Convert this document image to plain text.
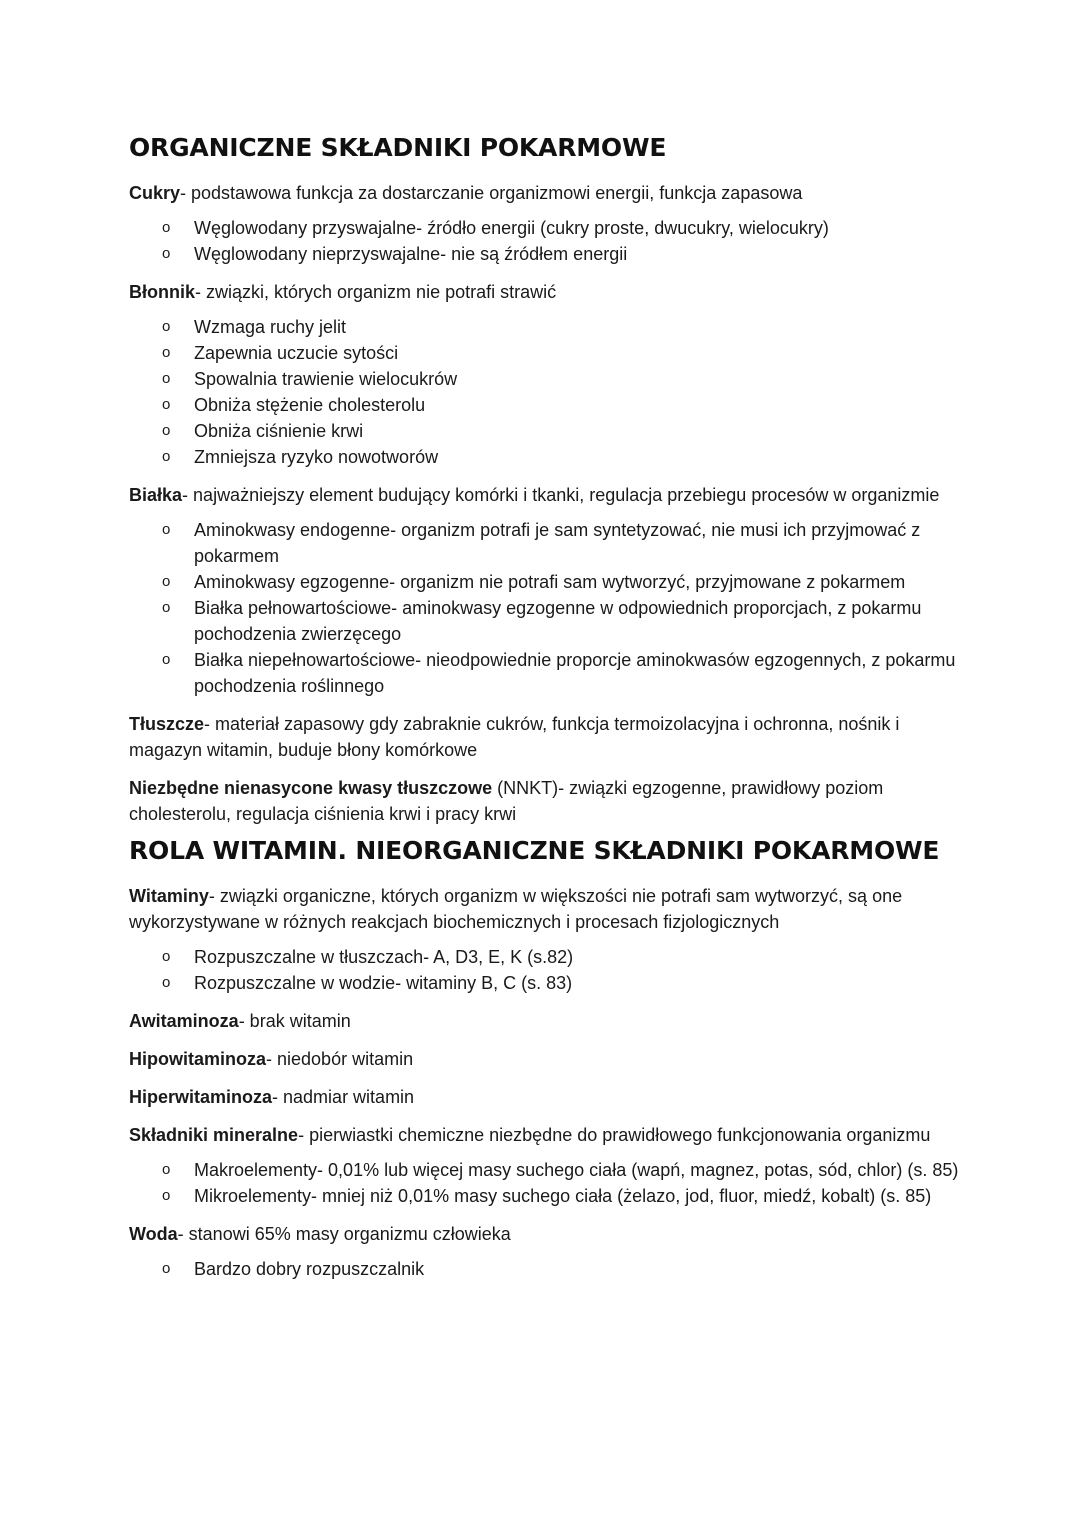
ORGANICZNE SKŁADNIKI POKARMOWE

Cukry- podstawowa funkcja za dostarczanie organizmowi energii, funkcja zapasowa

o Węglowodany przyswajalne- źródło energii (cukry proste, dwucukry, wielocukry)
o Węglowodany nieprzyswajalne- nie są źródłem energii

Błonnik- związki, których organizm nie potrafi strawić

o Wzmaga ruchy jelit
o Zapewnia uczucie sytości
o Spowalnia trawienie wielocukrów
o Obniża stężenie cholesterolu
o Obniża ciśnienie krwi
o Zmniejsza ryzyko nowotworów

Białka- najważniejszy element budujący komórki i tkanki, regulacja przebiegu procesów w organizmie

o Aminokwasy endogenne- organizm potrafi je sam syntetyzować, nie musi ich przyjmować z pokarmem
o Aminokwasy egzogenne- organizm nie potrafi sam wytworzyć, przyjmowane z pokarmem
o Białka pełnowartościowe- aminokwasy egzogenne w odpowiednich proporcjach, z pokarmu pochodzenia zwierzęcego
o Białka niepełnowartościowe- nieodpowiednie proporcje aminokwasów egzogennych, z pokarmu pochodzenia roślinnego

Tłuszcze- materiał zapasowy gdy zabraknie cukrów, funkcja termoizolacyjna i ochronna, nośnik i magazyn witamin, buduje błony komórkowe

Niezbędne nienasycone kwasy tłuszczowe (NNKT)- związki egzogenne, prawidłowy poziom cholesterolu, regulacja ciśnienia krwi i pracy krwi

ROLA WITAMIN. NIEORGANICZNE SKŁADNIKI POKARMOWE

Witaminy- związki organiczne, których organizm w większości nie potrafi sam wytworzyć, są one wykorzystywane w różnych reakcjach biochemicznych i procesach fizjologicznych

o Rozpuszczalne w tłuszczach- A, D3, E, K (s.82)
o Rozpuszczalne w wodzie- witaminy B, C (s. 83)

Awitaminoza- brak witamin

Hipowitaminoza- niedobór witamin

Hiperwitaminoza- nadmiar witamin

Składniki mineralne- pierwiastki chemiczne niezbędne do prawidłowego funkcjonowania organizmu

o Makroelementy- 0,01% lub więcej masy suchego ciała (wapń, magnez, potas, sód, chlor) (s. 85)
o Mikroelementy- mniej niż 0,01% masy suchego ciała (żelazo, jod, fluor, miedź, kobalt) (s. 85)

Woda- stanowi 65% masy organizmu człowieka

o Bardzo dobry rozpuszczalnik
